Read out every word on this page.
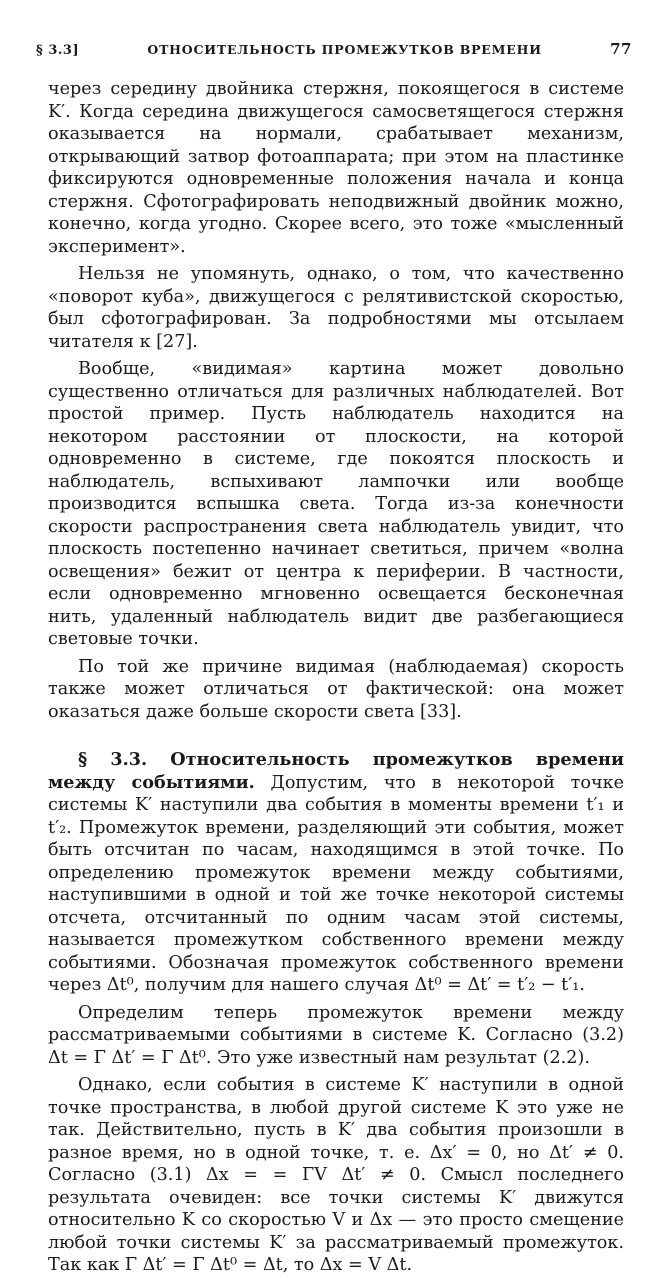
§ 3.3]	ОТНОСИТЕЛЬНОСТЬ ПРОМЕЖУТКОВ ВРЕМЕНИ	77

через середину двойника стержня, покоящегося в системе K′. Когда середина движущегося самосветящегося стержня оказывается на нормали, срабатывает механизм, открывающий затвор фотоаппарата; при этом на пластинке фиксируются одновременные положения начала и конца стержня. Сфотографировать неподвижный двойник можно, конечно, когда угодно. Скорее всего, это тоже «мысленный эксперимент».

Нельзя не упомянуть, однако, о том, что качественно «поворот куба», движущегося с релятивистской скоростью, был сфотографирован. За подробностями мы отсылаем читателя к [27].

Вообще, «видимая» картина может довольно существенно отличаться для различных наблюдателей. Вот простой пример. Пусть наблюдатель находится на некотором расстоянии от плоскости, на которой одновременно в системе, где покоятся плоскость и наблюдатель, вспыхивают лампочки или вообще производится вспышка света. Тогда из-за конечности скорости распространения света наблюдатель увидит, что плоскость постепенно начинает светиться, причем «волна освещения» бежит от центра к периферии. В частности, если одновременно мгновенно освещается бесконечная нить, удаленный наблюдатель видит две разбегающиеся световые точки.

По той же причине видимая (наблюдаемая) скорость также может отличаться от фактической: она может оказаться даже больше скорости света [33].

§ 3.3. Относительность промежутков времени между событиями. Допустим, что в некоторой точке системы K′ наступили два события в моменты времени t′₁ и t′₂. Промежуток времени, разделяющий эти события, может быть отсчитан по часам, находящимся в этой точке. По определению промежуток времени между событиями, наступившими в одной и той же точке некоторой системы отсчета, отсчитанный по одним часам этой системы, называется промежутком собственного времени между событиями. Обозначая промежуток собственного времени через Δt⁰, получим для нашего случая Δt⁰ = Δt′ = t′₂ − t′₁.

Определим теперь промежуток времени между рассматриваемыми событиями в системе K. Согласно (3.2) Δt = Γ Δt′ = Γ Δt⁰. Это уже известный нам результат (2.2).

Однако, если события в системе K′ наступили в одной точке пространства, в любой другой системе K это уже не так. Действительно, пусть в K′ два события произошли в разное время, но в одной точке, т. е. Δx′ = 0, но Δt′ ≠ 0. Согласно (3.1) Δx = = ΓV Δt′ ≠ 0. Смысл последнего результата очевиден: все точки системы K′ движутся относительно K со скоростью V и Δx — это просто смещение любой точки системы K′ за рассматриваемый промежуток. Так как Γ Δt′ = Γ Δt⁰ = Δt, то Δx = V Δt.
